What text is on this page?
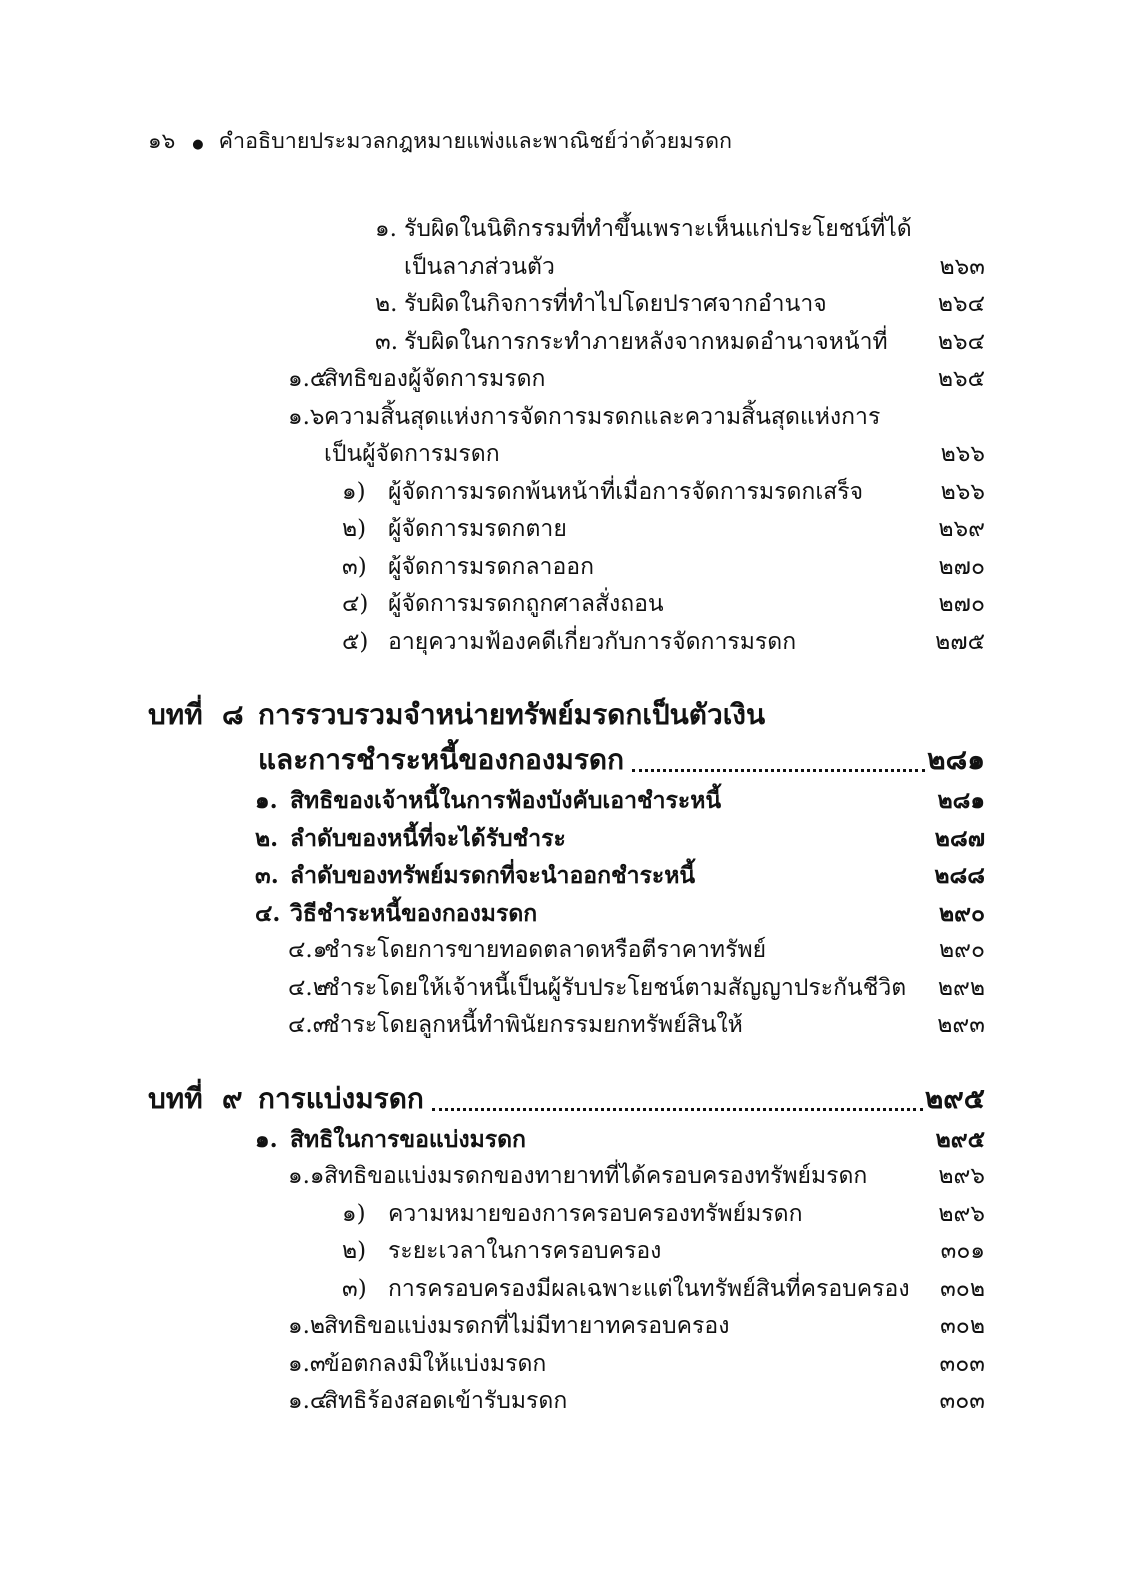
๑๖ ● คำอธิบายประมวลกฎหมายแพ่งและพาณิชย์ว่าด้วยมรดก
๑. รับผิดในนิติกรรมที่ทำขึ้นเพราะเห็นแก่ประโยชน์ที่ได้
เป็นลาภส่วนตัว	๒๖๓
๒. รับผิดในกิจการที่ทำไปโดยปราศจากอำนาจ	๒๖๔
๓. รับผิดในการกระทำภายหลังจากหมดอำนาจหน้าที่ ๒๖๔
๑.๕
สิทธิของผู้จัดการมรดก	๒๖๕
๑.๖ ความสิ้นสุดแห่งการจัดการมรดกและความสิ้นสุดแห่งการ
เป็นผู้จัดการมรดก	๒๖๖
๑) ผู้จัดการมรดกพ้นหน้าที่เมื่อการจัดการมรดกเสร็จ	๒๖๖
๒) ผู้จัดการมรดกตาย	๒๖๙
๓) ผู้จัดการมรดกลาออก	๒๗๐
๔) ผู้จัดการมรดกถูกศาลสั่งถอน	๒๗๐
๕) อายุความฟ้องคดีเกี่ยวกับการจัดการมรดก	๒๗๕
บทที่ ๘ การรวบรวมจำหน่ายทรัพย์มรดกเป็นตัวเงิน
และการชำระหนี้ของกองมรดก	๒๘๑
๑. สิทธิของเจ้าหนี้ในการฟ้องบังคับเอาชำระหนี้	๒๘๑
๒. ลำดับของหนี้ที่จะได้รับชำระ	๒๘๗
๓. ลำดับของทรัพย์มรดกที่จะนำออกชำระหนี้	๒๘๘
๔. วิธีชำระหนี้ของกองมรดก	๒๙๐
๔.๑
ชำระโดยการขายทอดตลาดหรือตีราคาทรัพย์	๒๙๐
๔.๒
ชำระโดยให้เจ้าหนี้เป็นผู้รับประโยชน์ตามสัญญาประกันชีวิต ๒๙๒
๔.๓
ชำระโดยลูกหนี้ทำพินัยกรรมยกทรัพย์สินให้	๒๙๓
บทที่ ๙ การแบ่งมรดก	๒๙๕
๑. สิทธิในการขอแบ่งมรดก	๒๙๕
๑.๑ สิทธิขอแบ่งมรดกของทายาทที่ได้ครอบครองทรัพย์มรดก	๒๙๖
๑) ความหมายของการครอบครองทรัพย์มรดก	๒๙๖
๒) ระยะเวลาในการครอบครอง	๓๐๑
๓) การครอบครองมีผลเฉพาะแต่ในทรัพย์สินที่ครอบครอง ๓๐๒
๑.๒
สิทธิขอแบ่งมรดกที่ไม่มีทายาทครอบครอง	๓๐๒
๑.๓
ข้อตกลงมิให้แบ่งมรดก	๓๐๓
๑.๔
สิทธิร้องสอดเข้ารับมรดก	๓๐๓
